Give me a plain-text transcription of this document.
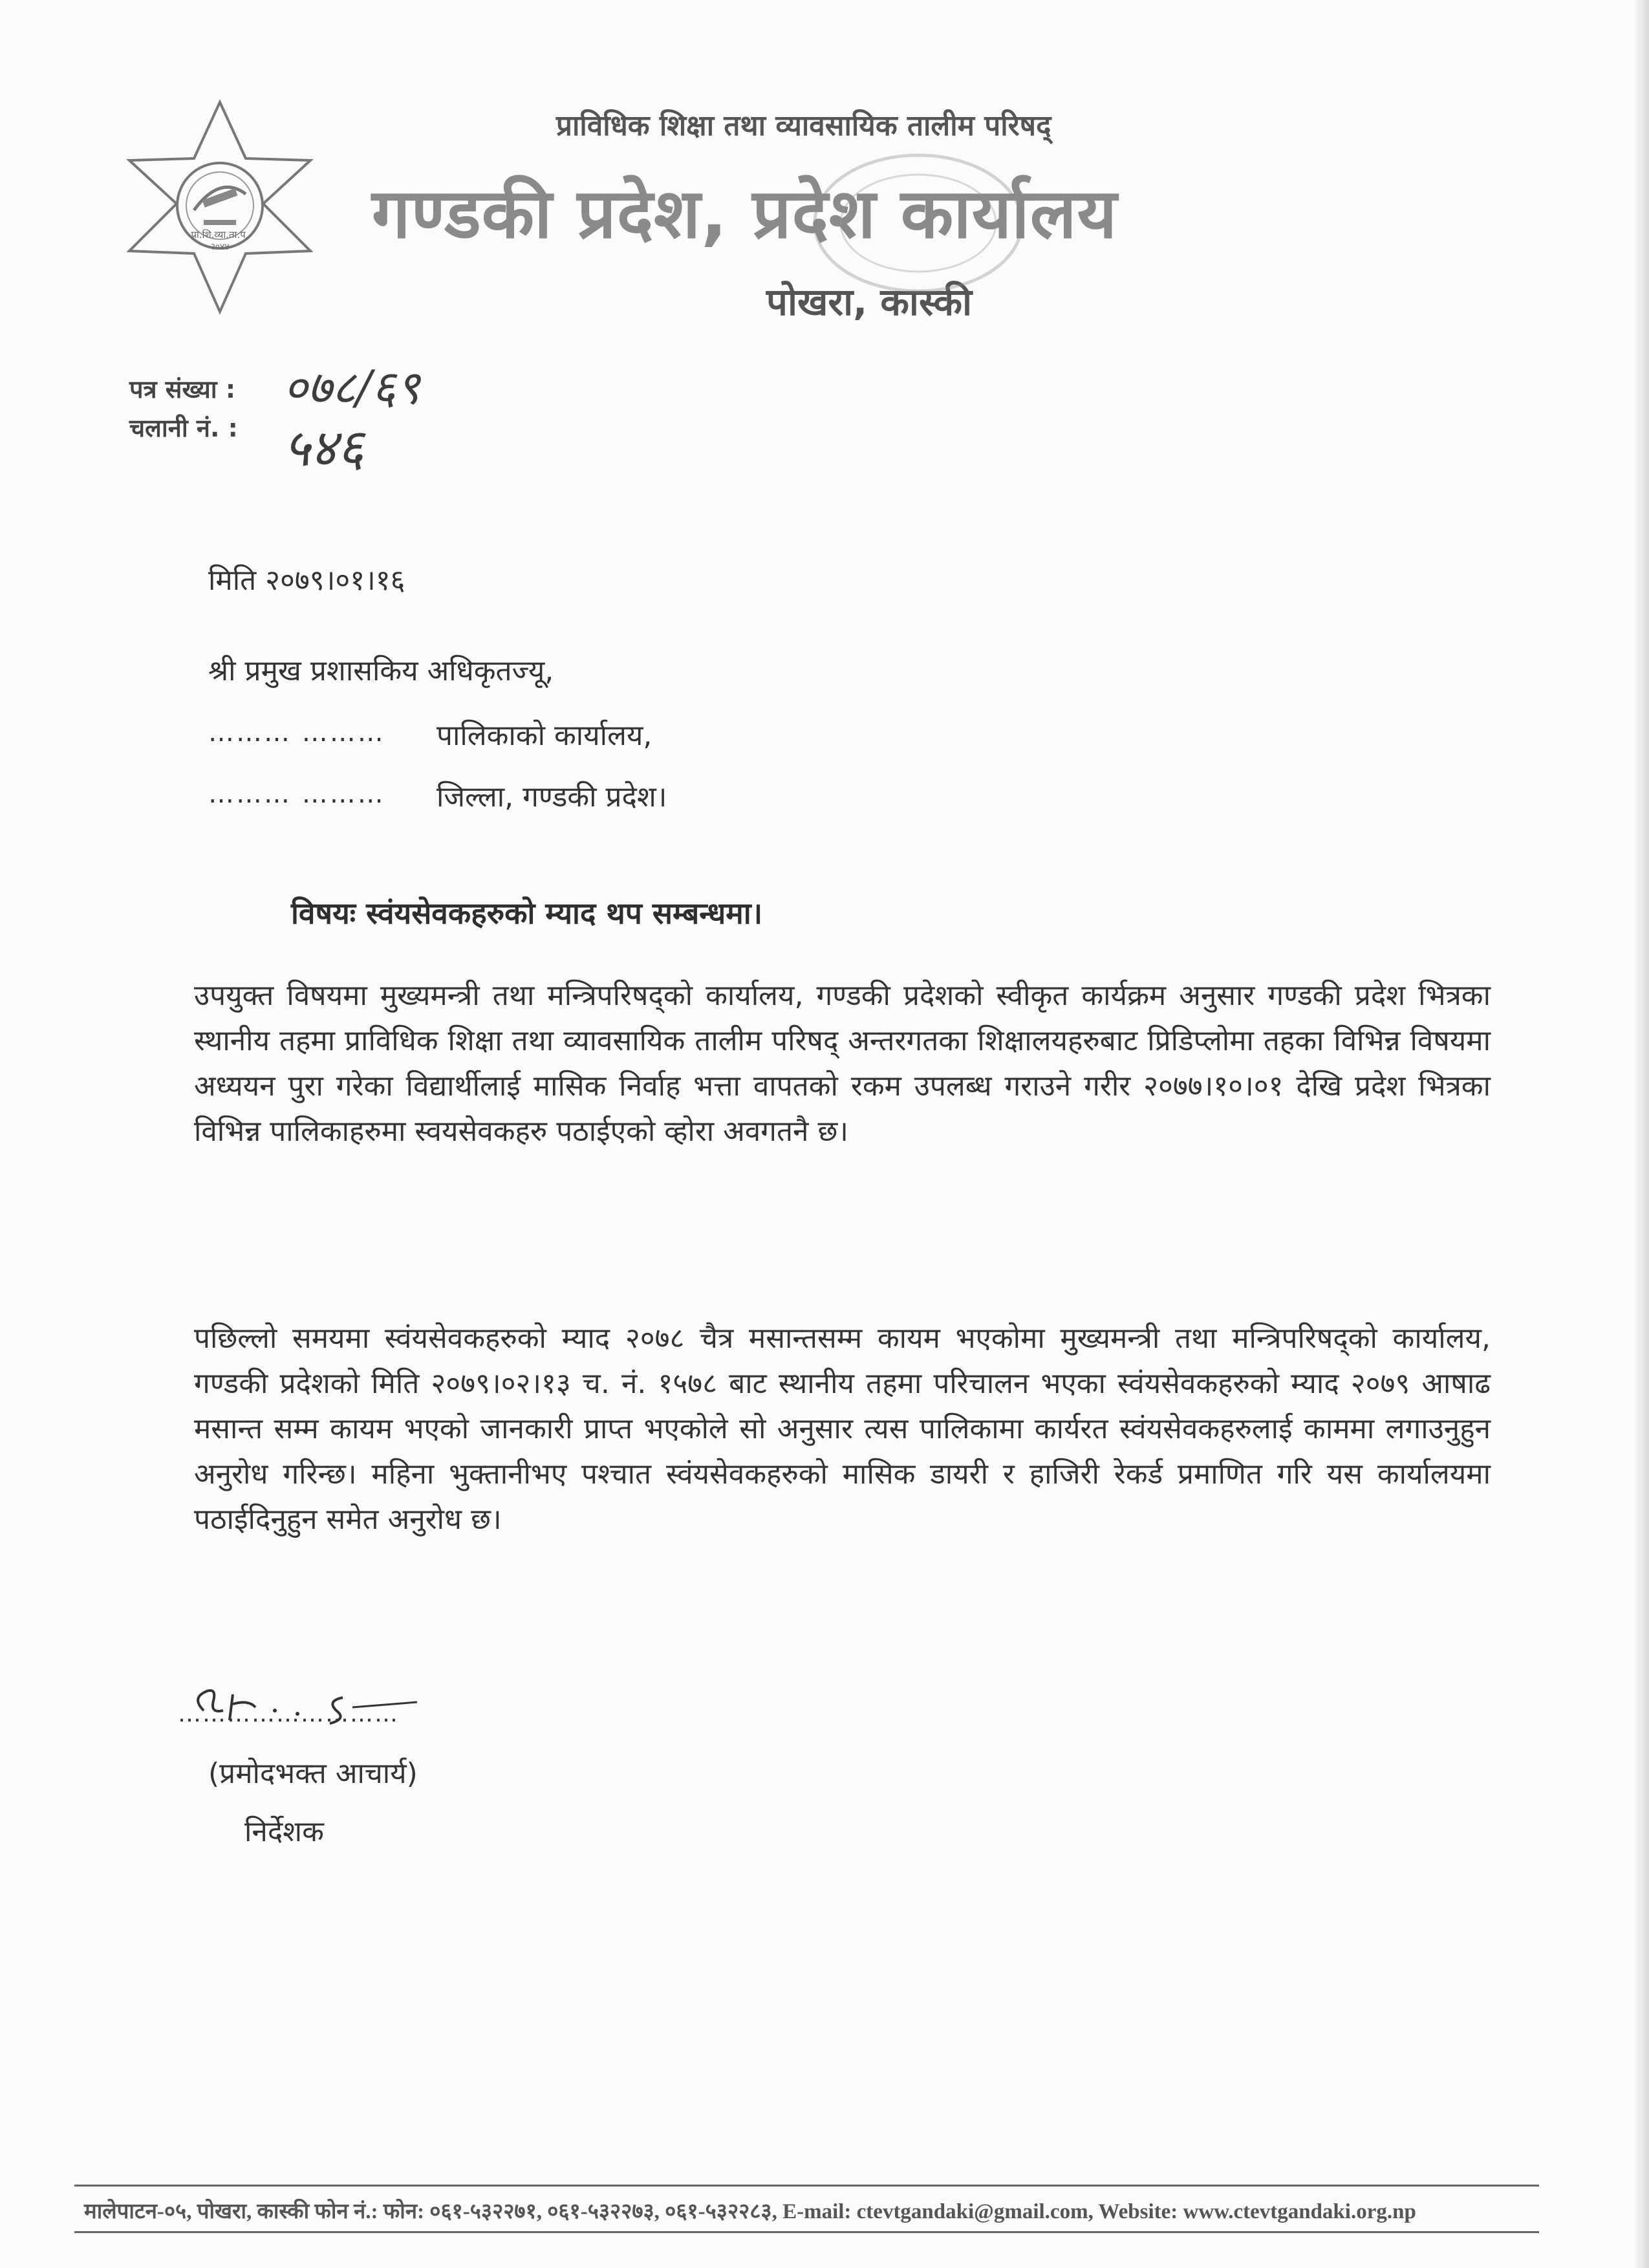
प्रा.शि.व्या.ता.प.
२०४४
प्राविधिक शिक्षा तथा व्यावसायिक तालीम परिषद्
गण्डकी प्रदेश, प्रदेश कार्यालय
पोखरा, कास्की
पत्र संख्या : ०७८/६९
चलानी नं. : ५४६
मिति २०७९।०१।१६
श्री प्रमुख प्रशासकिय अधिकृतज्यू,
……… ……… पालिकाको कार्यालय,
……… ……… जिल्ला, गण्डकी प्रदेश।
विषयः स्वंयसेवकहरुको म्याद थप सम्बन्धमा।
उपयुक्त विषयमा मुख्यमन्त्री तथा मन्त्रिपरिषद्को कार्यालय, गण्डकी प्रदेशको स्वीकृत कार्यक्रम अनुसार गण्डकी प्रदेश भित्रका स्थानीय तहमा प्राविधिक शिक्षा तथा व्यावसायिक तालीम परिषद् अन्तरगतका शिक्षालयहरुबाट प्रिडिप्लोमा तहका विभिन्न विषयमा अध्ययन पुरा गरेका विद्यार्थीलाई मासिक निर्वाह भत्ता वापतको रकम उपलब्ध गराउने गरीर २०७७।१०।०१ देखि प्रदेश भित्रका विभिन्न पालिकाहरुमा स्वयसेवकहरु पठाईएको व्होरा अवगतनै छ।
पछिल्लो समयमा स्वंयसेवकहरुको म्याद २०७८ चैत्र मसान्तसम्म कायम भएकोमा मुख्यमन्त्री तथा मन्त्रिपरिषद्को कार्यालय, गण्डकी प्रदेशको मिति २०७९।०२।१३ च. नं. १५७८ बाट स्थानीय तहमा परिचालन भएका स्वंयसेवकहरुको म्याद २०७९ आषाढ मसान्त सम्म कायम भएको जानकारी प्राप्त भएकोले सो अनुसार त्यस पालिकामा कार्यरत स्वंयसेवकहरुलाई काममा लगाउनुहुन अनुरोध गरिन्छ। महिना भुक्तानीभए पश्चात स्वंयसेवकहरुको मासिक डायरी र हाजिरी रेकर्ड प्रमाणित गरि यस कार्यालयमा पठाईदिनुहुन समेत अनुरोध छ।
………………………
(प्रमोदभक्त आचार्य)
निर्देशक
मालेपाटन-०५, पोखरा, कास्की फोन नं.: फोन: ०६१-५३२२७१, ०६१-५३२२७३, ०६१-५३२२८३, E-mail: ctevtgandaki@gmail.com, Website: www.ctevtgandaki.org.np
